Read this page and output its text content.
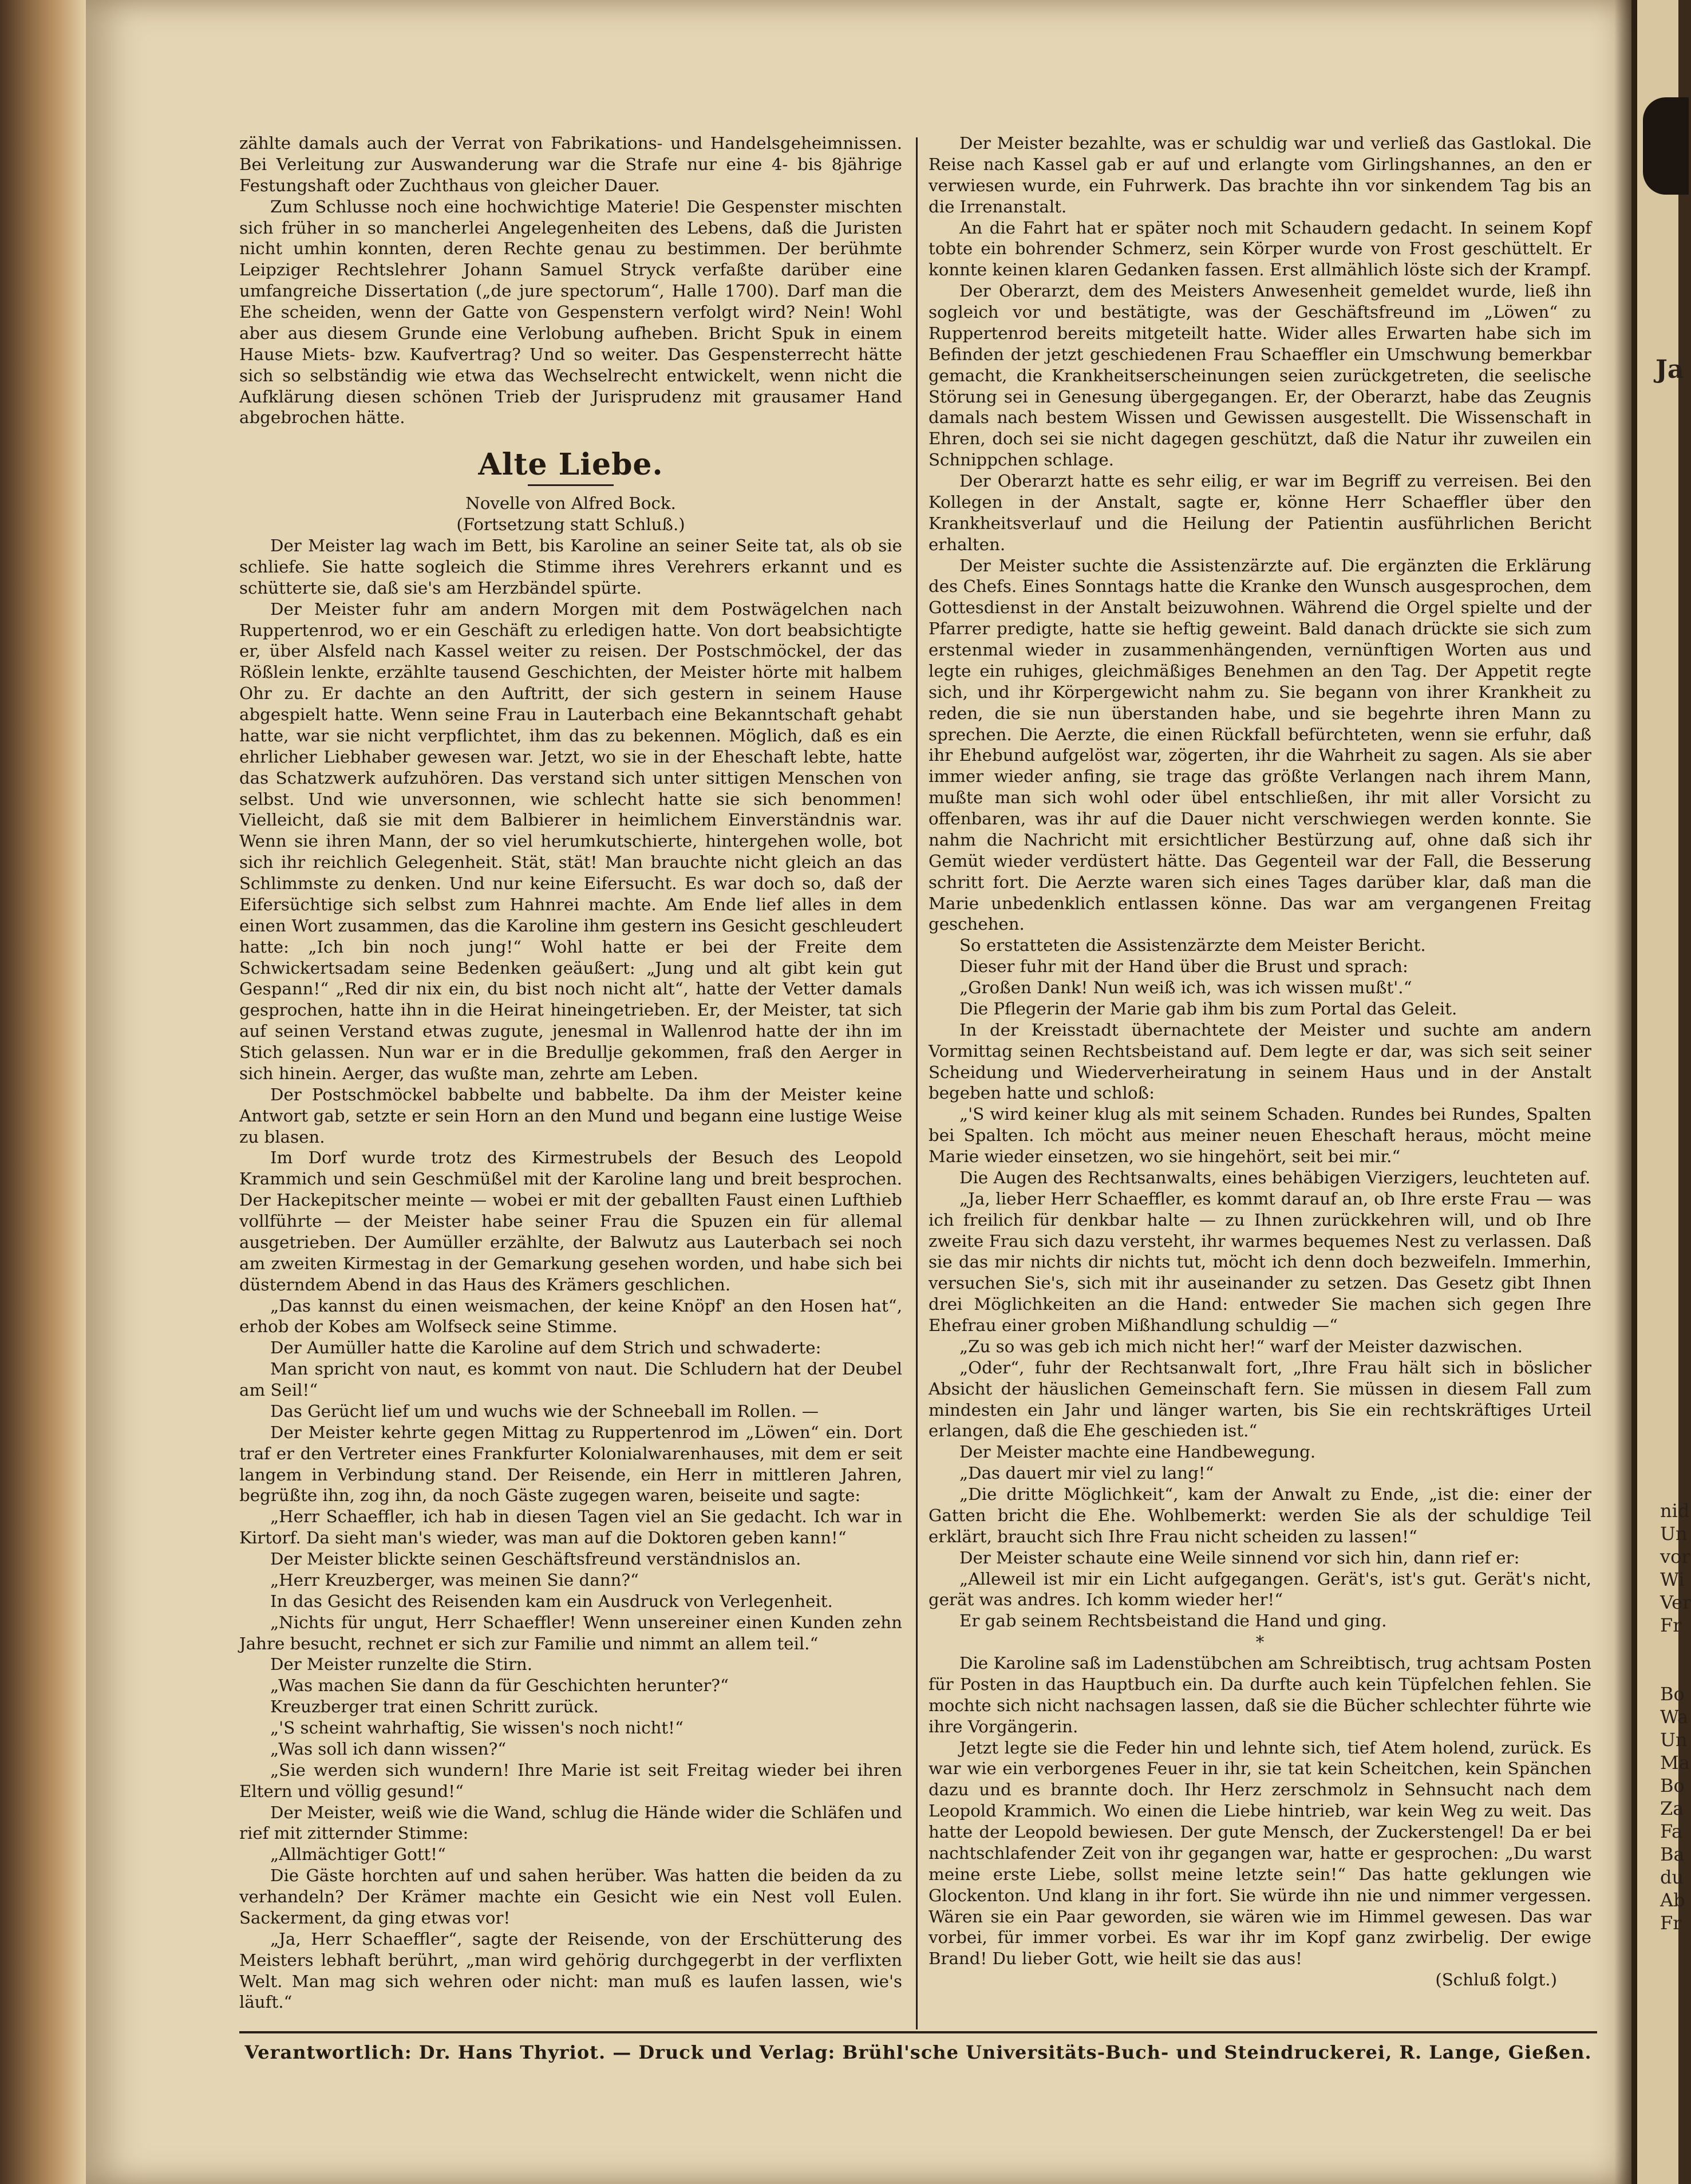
zählte damals auch der Verrat von Fabrikations- und Handelsgeheimnissen. Bei Verleitung zur Auswanderung war die Strafe nur eine 4- bis 8jährige Festungshaft oder Zuchthaus von gleicher Dauer.

Zum Schlusse noch eine hochwichtige Materie! Die Gespenster mischten sich früher in so mancherlei Angelegenheiten des Lebens, daß die Juristen nicht umhin konnten, deren Rechte genau zu bestimmen. Der berühmte Leipziger Rechtslehrer Johann Samuel Stryck verfaßte darüber eine umfangreiche Dissertation („de jure spectorum“, Halle 1700). Darf man die Ehe scheiden, wenn der Gatte von Gespenstern verfolgt wird? Nein! Wohl aber aus diesem Grunde eine Verlobung aufheben. Bricht Spuk in einem Hause Miets- bzw. Kaufvertrag? Und so weiter. Das Gespensterrecht hätte sich so selbständig wie etwa das Wechselrecht entwickelt, wenn nicht die Aufklärung diesen schönen Trieb der Jurisprudenz mit grausamer Hand abgebrochen hätte.

Alte Liebe.

Novelle von Alfred Bock.

(Fortsetzung statt Schluß.)

Der Meister lag wach im Bett, bis Karoline an seiner Seite tat, als ob sie schliefe. Sie hatte sogleich die Stimme ihres Verehrers erkannt und es schütterte sie, daß sie's am Herzbändel spürte.

Der Meister fuhr am andern Morgen mit dem Postwägelchen nach Ruppertenrod, wo er ein Geschäft zu erledigen hatte. Von dort beabsichtigte er, über Alsfeld nach Kassel weiter zu reisen. Der Postschmöckel, der das Rößlein lenkte, erzählte tausend Geschichten, der Meister hörte mit halbem Ohr zu. Er dachte an den Auftritt, der sich gestern in seinem Hause abgespielt hatte. Wenn seine Frau in Lauterbach eine Bekanntschaft gehabt hatte, war sie nicht verpflichtet, ihm das zu bekennen. Möglich, daß es ein ehrlicher Liebhaber gewesen war. Jetzt, wo sie in der Eheschaft lebte, hatte das Schatzwerk aufzuhören. Das verstand sich unter sittigen Menschen von selbst. Und wie unversonnen, wie schlecht hatte sie sich benommen! Vielleicht, daß sie mit dem Balbierer in heimlichem Einverständnis war. Wenn sie ihren Mann, der so viel herumkutschierte, hintergehen wolle, bot sich ihr reichlich Gelegenheit. Stät, stät! Man brauchte nicht gleich an das Schlimmste zu denken. Und nur keine Eifersucht. Es war doch so, daß der Eifersüchtige sich selbst zum Hahnrei machte. Am Ende lief alles in dem einen Wort zusammen, das die Karoline ihm gestern ins Gesicht geschleudert hatte: „Ich bin noch jung!“ Wohl hatte er bei der Freite dem Schwickertsadam seine Bedenken geäußert: „Jung und alt gibt kein gut Gespann!“ „Red dir nix ein, du bist noch nicht alt“, hatte der Vetter damals gesprochen, hatte ihn in die Heirat hineingetrieben. Er, der Meister, tat sich auf seinen Verstand etwas zugute, jenesmal in Wallenrod hatte der ihn im Stich gelassen. Nun war er in die Bredullje gekommen, fraß den Aerger in sich hinein. Aerger, das wußte man, zehrte am Leben.

Der Postschmöckel babbelte und babbelte. Da ihm der Meister keine Antwort gab, setzte er sein Horn an den Mund und begann eine lustige Weise zu blasen.

Im Dorf wurde trotz des Kirmestrubels der Besuch des Leopold Krammich und sein Geschmüßel mit der Karoline lang und breit besprochen. Der Hackepitscher meinte — wobei er mit der geballten Faust einen Lufthieb vollführte — der Meister habe seiner Frau die Spuzen ein für allemal ausgetrieben. Der Aumüller erzählte, der Balwutz aus Lauterbach sei noch am zweiten Kirmestag in der Gemarkung gesehen worden, und habe sich bei düsterndem Abend in das Haus des Krämers geschlichen.

„Das kannst du einen weismachen, der keine Knöpf' an den Hosen hat“, erhob der Kobes am Wolfseck seine Stimme.

Der Aumüller hatte die Karoline auf dem Strich und schwaderte:

Man spricht von naut, es kommt von naut. Die Schludern hat der Deubel am Seil!“

Das Gerücht lief um und wuchs wie der Schneeball im Rollen. —

Der Meister kehrte gegen Mittag zu Ruppertenrod im „Löwen“ ein. Dort traf er den Vertreter eines Frankfurter Kolonialwarenhauses, mit dem er seit langem in Verbindung stand. Der Reisende, ein Herr in mittleren Jahren, begrüßte ihn, zog ihn, da noch Gäste zugegen waren, beiseite und sagte:

„Herr Schaeffler, ich hab in diesen Tagen viel an Sie gedacht. Ich war in Kirtorf. Da sieht man's wieder, was man auf die Doktoren geben kann!“

Der Meister blickte seinen Geschäftsfreund verständnislos an.

„Herr Kreuzberger, was meinen Sie dann?“

In das Gesicht des Reisenden kam ein Ausdruck von Verlegenheit.

„Nichts für ungut, Herr Schaeffler! Wenn unsereiner einen Kunden zehn Jahre besucht, rechnet er sich zur Familie und nimmt an allem teil.“

Der Meister runzelte die Stirn.

„Was machen Sie dann da für Geschichten herunter?“

Kreuzberger trat einen Schritt zurück.

„'S scheint wahrhaftig, Sie wissen's noch nicht!“

„Was soll ich dann wissen?“

„Sie werden sich wundern! Ihre Marie ist seit Freitag wieder bei ihren Eltern und völlig gesund!“

Der Meister, weiß wie die Wand, schlug die Hände wider die Schläfen und rief mit zitternder Stimme:

„Allmächtiger Gott!“

Die Gäste horchten auf und sahen herüber. Was hatten die beiden da zu verhandeln? Der Krämer machte ein Gesicht wie ein Nest voll Eulen. Sackerment, da ging etwas vor!

„Ja, Herr Schaeffler“, sagte der Reisende, von der Erschütterung des Meisters lebhaft berührt, „man wird gehörig durchgegerbt in der verflixten Welt. Man mag sich wehren oder nicht: man muß es laufen lassen, wie's läuft.“

Der Meister bezahlte, was er schuldig war und verließ das Gastlokal. Die Reise nach Kassel gab er auf und erlangte vom Girlingshannes, an den er verwiesen wurde, ein Fuhrwerk. Das brachte ihn vor sinkendem Tag bis an die Irrenanstalt.

An die Fahrt hat er später noch mit Schaudern gedacht. In seinem Kopf tobte ein bohrender Schmerz, sein Körper wurde von Frost geschüttelt. Er konnte keinen klaren Gedanken fassen. Erst allmählich löste sich der Krampf.

Der Oberarzt, dem des Meisters Anwesenheit gemeldet wurde, ließ ihn sogleich vor und bestätigte, was der Geschäftsfreund im „Löwen“ zu Ruppertenrod bereits mitgeteilt hatte. Wider alles Erwarten habe sich im Befinden der jetzt geschiedenen Frau Schaeffler ein Umschwung bemerkbar gemacht, die Krankheitserscheinungen seien zurückgetreten, die seelische Störung sei in Genesung übergegangen. Er, der Oberarzt, habe das Zeugnis damals nach bestem Wissen und Gewissen ausgestellt. Die Wissenschaft in Ehren, doch sei sie nicht dagegen geschützt, daß die Natur ihr zuweilen ein Schnippchen schlage.

Der Oberarzt hatte es sehr eilig, er war im Begriff zu verreisen. Bei den Kollegen in der Anstalt, sagte er, könne Herr Schaeffler über den Krankheitsverlauf und die Heilung der Patientin ausführlichen Bericht erhalten.

Der Meister suchte die Assistenzärzte auf. Die ergänzten die Erklärung des Chefs. Eines Sonntags hatte die Kranke den Wunsch ausgesprochen, dem Gottesdienst in der Anstalt beizuwohnen. Während die Orgel spielte und der Pfarrer predigte, hatte sie heftig geweint. Bald danach drückte sie sich zum erstenmal wieder in zusammenhängenden, vernünftigen Worten aus und legte ein ruhiges, gleichmäßiges Benehmen an den Tag. Der Appetit regte sich, und ihr Körpergewicht nahm zu. Sie begann von ihrer Krankheit zu reden, die sie nun überstanden habe, und sie begehrte ihren Mann zu sprechen. Die Aerzte, die einen Rückfall befürchteten, wenn sie erfuhr, daß ihr Ehebund aufgelöst war, zögerten, ihr die Wahrheit zu sagen. Als sie aber immer wieder anfing, sie trage das größte Verlangen nach ihrem Mann, mußte man sich wohl oder übel entschließen, ihr mit aller Vorsicht zu offenbaren, was ihr auf die Dauer nicht verschwiegen werden konnte. Sie nahm die Nachricht mit ersichtlicher Bestürzung auf, ohne daß sich ihr Gemüt wieder verdüstert hätte. Das Gegenteil war der Fall, die Besserung schritt fort. Die Aerzte waren sich eines Tages darüber klar, daß man die Marie unbedenklich entlassen könne. Das war am vergangenen Freitag geschehen.

So erstatteten die Assistenzärzte dem Meister Bericht.

Dieser fuhr mit der Hand über die Brust und sprach:

„Großen Dank! Nun weiß ich, was ich wissen mußt'.“

Die Pflegerin der Marie gab ihm bis zum Portal das Geleit.

In der Kreisstadt übernachtete der Meister und suchte am andern Vormittag seinen Rechtsbeistand auf. Dem legte er dar, was sich seit seiner Scheidung und Wiederverheiratung in seinem Haus und in der Anstalt begeben hatte und schloß:

„'S wird keiner klug als mit seinem Schaden. Rundes bei Rundes, Spalten bei Spalten. Ich möcht aus meiner neuen Eheschaft heraus, möcht meine Marie wieder einsetzen, wo sie hingehört, seit bei mir.“

Die Augen des Rechtsanwalts, eines behäbigen Vierzigers, leuchteten auf.

„Ja, lieber Herr Schaeffler, es kommt darauf an, ob Ihre erste Frau — was ich freilich für denkbar halte — zu Ihnen zurückkehren will, und ob Ihre zweite Frau sich dazu versteht, ihr warmes bequemes Nest zu verlassen. Daß sie das mir nichts dir nichts tut, möcht ich denn doch bezweifeln. Immerhin, versuchen Sie's, sich mit ihr auseinander zu setzen. Das Gesetz gibt Ihnen drei Möglichkeiten an die Hand: entweder Sie machen sich gegen Ihre Ehefrau einer groben Mißhandlung schuldig —“

„Zu so was geb ich mich nicht her!“ warf der Meister dazwischen.

„Oder“, fuhr der Rechtsanwalt fort, „Ihre Frau hält sich in böslicher Absicht der häuslichen Gemeinschaft fern. Sie müssen in diesem Fall zum mindesten ein Jahr und länger warten, bis Sie ein rechtskräftiges Urteil erlangen, daß die Ehe geschieden ist.“

Der Meister machte eine Handbewegung.

„Das dauert mir viel zu lang!“

„Die dritte Möglichkeit“, kam der Anwalt zu Ende, „ist die: einer der Gatten bricht die Ehe. Wohlbemerkt: werden Sie als der schuldige Teil erklärt, braucht sich Ihre Frau nicht scheiden zu lassen!“

Der Meister schaute eine Weile sinnend vor sich hin, dann rief er:

„Alleweil ist mir ein Licht aufgegangen. Gerät's, ist's gut. Gerät's nicht, gerät was andres. Ich komm wieder her!“

Er gab seinem Rechtsbeistand die Hand und ging.

*

Die Karoline saß im Ladenstübchen am Schreibtisch, trug achtsam Posten für Posten in das Hauptbuch ein. Da durfte auch kein Tüpfelchen fehlen. Sie mochte sich nicht nachsagen lassen, daß sie die Bücher schlechter führte wie ihre Vorgängerin.

Jetzt legte sie die Feder hin und lehnte sich, tief Atem holend, zurück. Es war wie ein verborgenes Feuer in ihr, sie tat kein Scheitchen, kein Spänchen dazu und es brannte doch. Ihr Herz zerschmolz in Sehnsucht nach dem Leopold Krammich. Wo einen die Liebe hintrieb, war kein Weg zu weit. Das hatte der Leopold bewiesen. Der gute Mensch, der Zuckerstengel! Da er bei nachtschlafender Zeit von ihr gegangen war, hatte er gesprochen: „Du warst meine erste Liebe, sollst meine letzte sein!“ Das hatte geklungen wie Glockenton. Und klang in ihr fort. Sie würde ihn nie und nimmer vergessen. Wären sie ein Paar geworden, sie wären wie im Himmel gewesen. Das war vorbei, für immer vorbei. Es war ihr im Kopf ganz zwirbelig. Der ewige Brand! Du lieber Gott, wie heilt sie das aus!

(Schluß folgt.)

Verantwortlich: Dr. Hans Thyriot. — Druck und Verlag: Brühl'sche Universitäts-Buch- und Steindruckerei, R. Lange, Gießen.
Ja
nid
Un
vor
Wi
Ver
Fr
Bo
Wa
Un
Ma
Bo
Za
Fa
Ba
du
Ab
Fr
